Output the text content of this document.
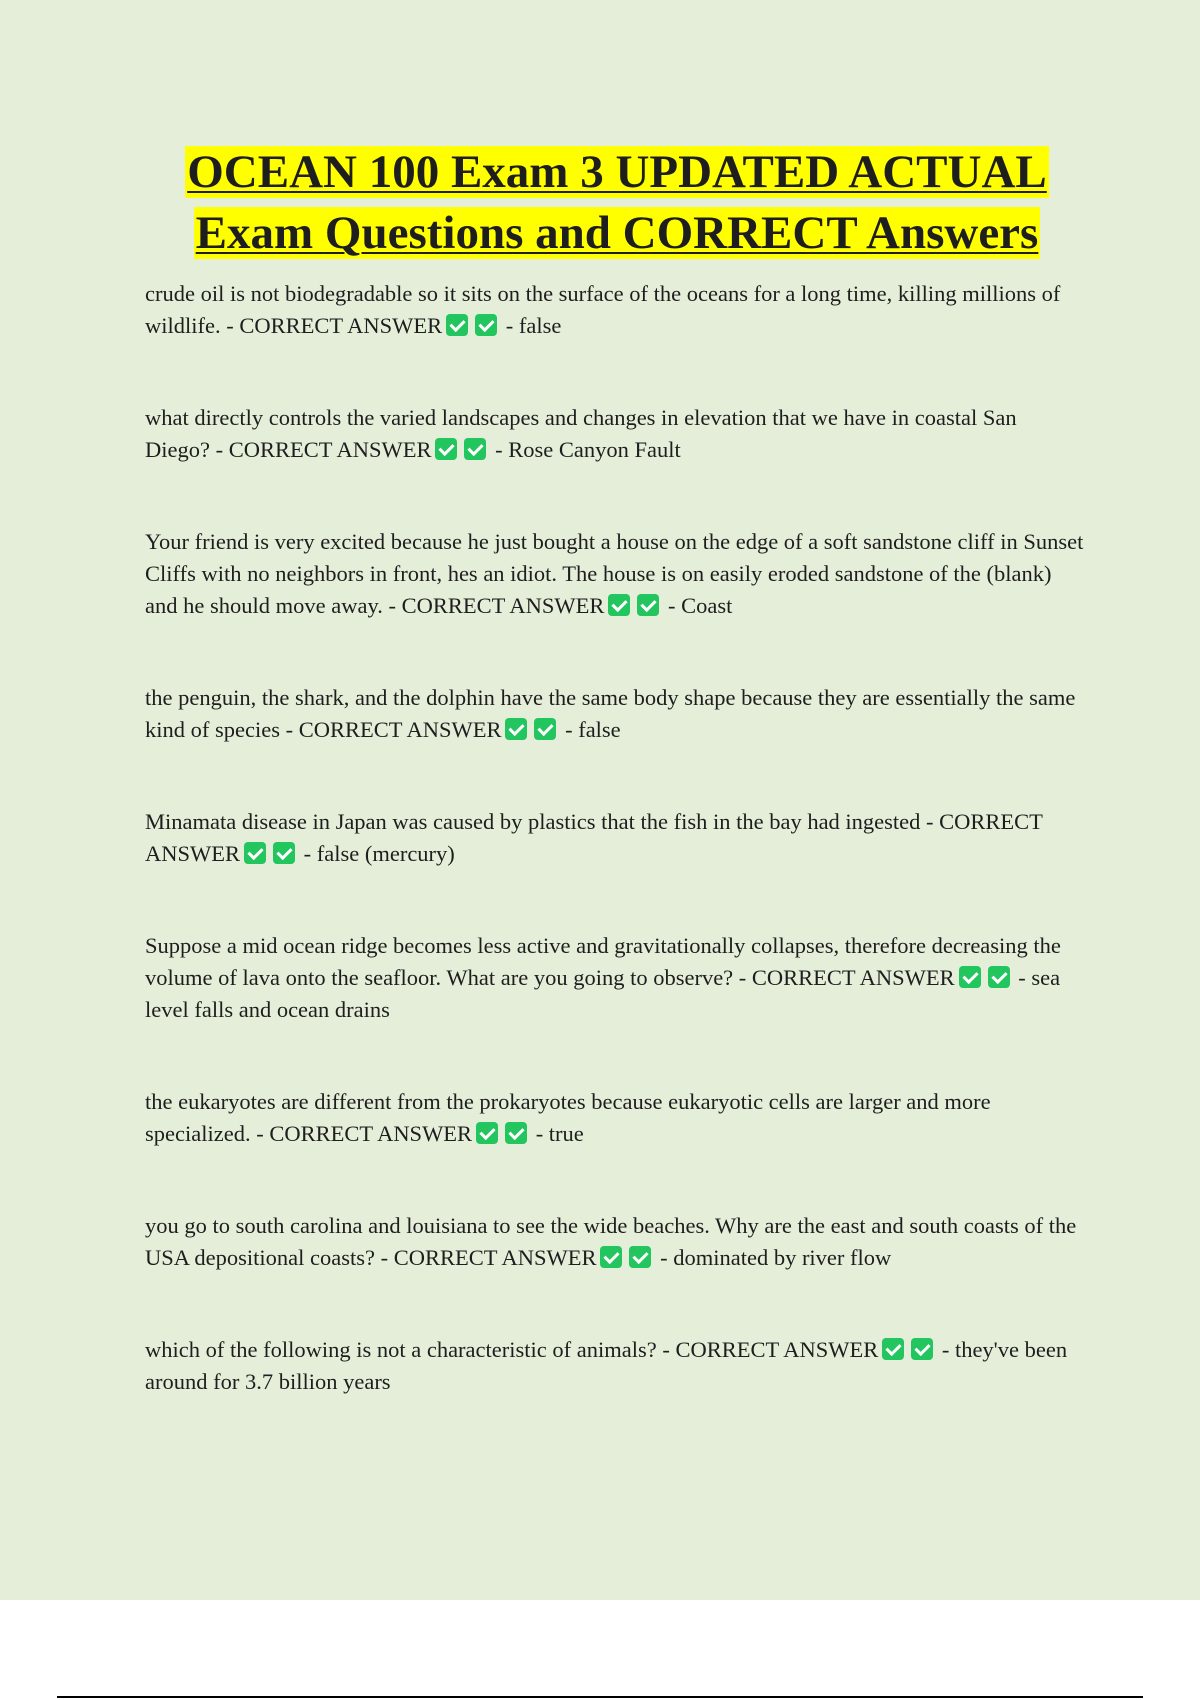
OCEAN 100 Exam 3 UPDATED ACTUAL
Exam Questions and CORRECT Answers
crude oil is not biodegradable so it sits on the surface of the oceans for a long time, killing millions of wildlife. - CORRECT ANSWER	- false
what directly controls the varied landscapes and changes in elevation that we have in coastal San Diego? - CORRECT ANSWER	- Rose Canyon Fault
Your friend is very excited because he just bought a house on the edge of a soft sandstone cliff in Sunset Cliffs with no neighbors in front, hes an idiot. The house is on easily eroded sandstone of the (blank) and he should move away. - CORRECT ANSWER	- Coast
the penguin, the shark, and the dolphin have the same body shape because they are essentially the same kind of species - CORRECT ANSWER	- false
Minamata disease in Japan was caused by plastics that the fish in the bay had ingested - CORRECT ANSWER	- false (mercury)
Suppose a mid ocean ridge becomes less active and gravitationally collapses, therefore decreasing the volume of lava onto the seafloor. What are you going to observe? - CORRECT ANSWER	- sea level falls and ocean drains
the eukaryotes are different from the prokaryotes because eukaryotic cells are larger and more specialized. - CORRECT ANSWER	- true
you go to south carolina and louisiana to see the wide beaches. Why are the east and south coasts of the USA depositional coasts? - CORRECT ANSWER	- dominated by river flow
which of the following is not a characteristic of animals? - CORRECT ANSWER	- they've been around for 3.7 billion years
